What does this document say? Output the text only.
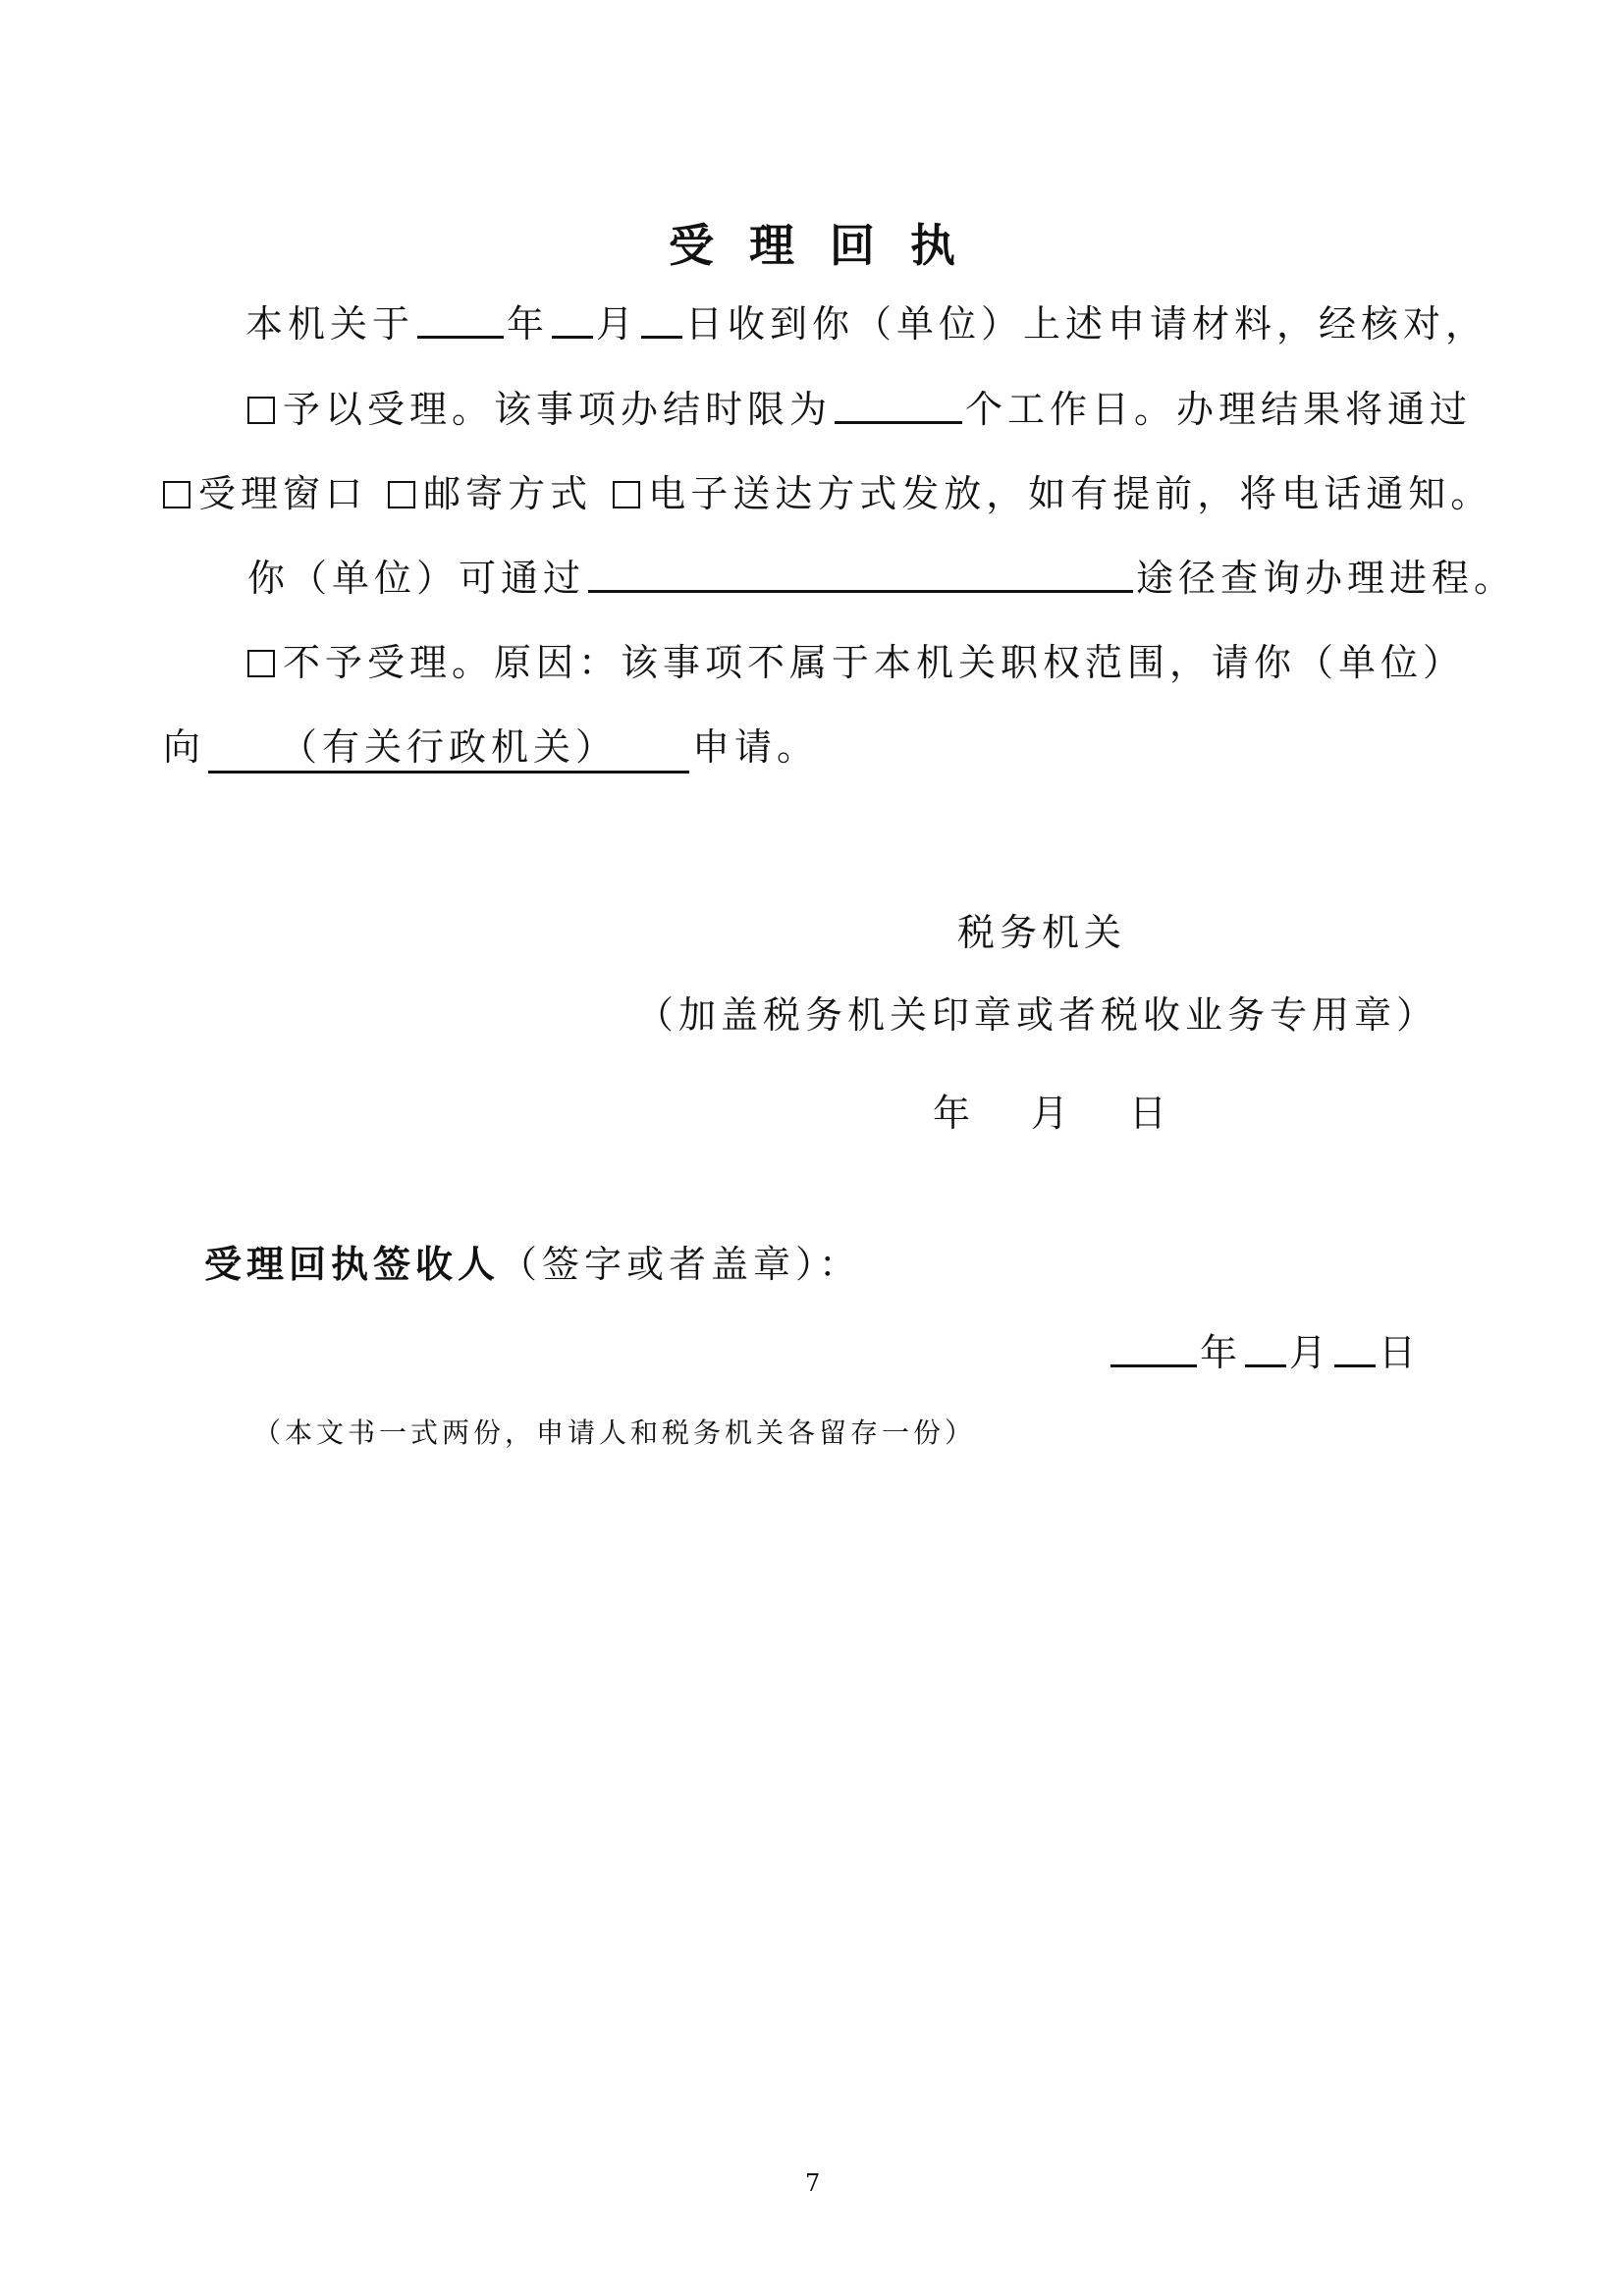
受理回执
本机关于 年 月 日收到你（单位）上述申请材料，经核对，
予以受理。该事项办结时限为	个工作日。办理结果将通过
受理窗口 邮寄方式 电子送达方式发放，如有提前，将电话通知。
你（单位）可通过	途径查询办理进程。
不予受理。原因：该事项不属于本机关职权范围，请你（单位）
向 （有关行政机关） 申请。
税务机关
（加盖税务机关印章或者税收业务专用章）
年　月　日
受理回执签收人（签字或者盖章）：
年 月 日
（本文书一式两份，申请人和税务机关各留存一份）
7
